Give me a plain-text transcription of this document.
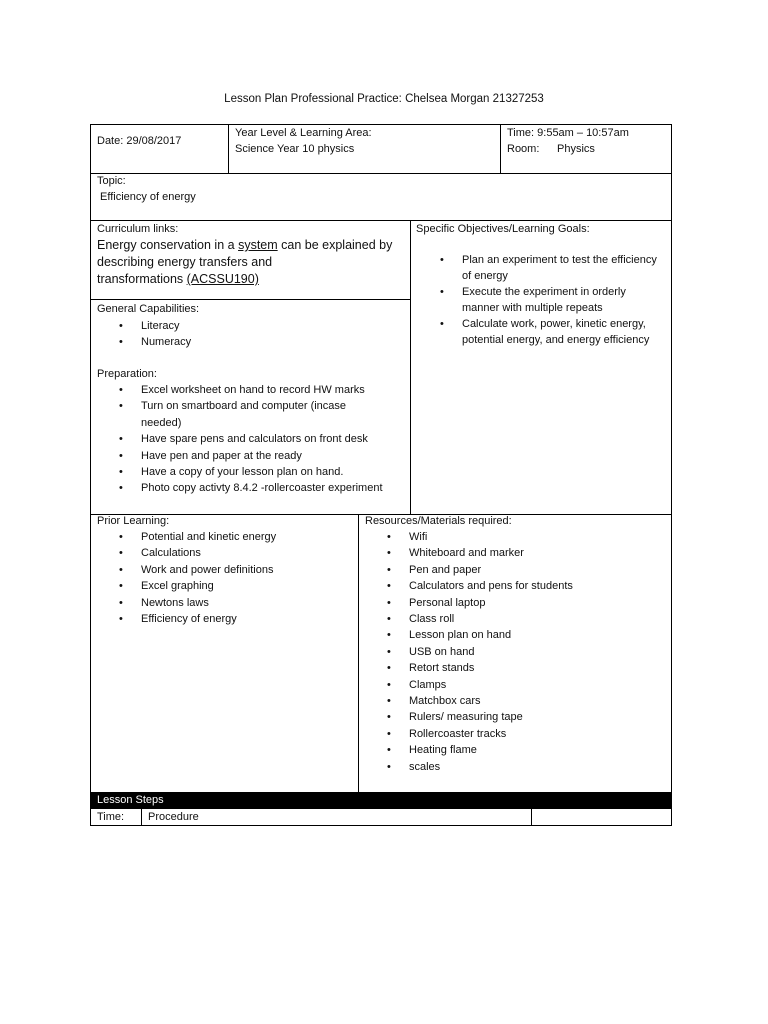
Lesson Plan Professional Practice: Chelsea Morgan 21327253
Date: 29/08/2017
Year Level & Learning Area:
Science Year 10 physics
Time: 9:55am – 10:57am
Room: Physics
Topic:
Efficiency of energy
Curriculum links:
Energy conservation in a system can be explained by
describing energy transfers and
transformations (ACSSU190)
Specific Objectives/Learning Goals:
• Plan an experiment to test the efficiency of energy
• Execute the experiment in orderly manner with multiple repeats
• Calculate work, power, kinetic energy, potential energy, and energy efficiency
General Capabilities:
• Literacy
• Numeracy
Preparation:
• Excel worksheet on hand to record HW marks
• Turn on smartboard and computer (incase needed)
• Have spare pens and calculators on front desk
• Have pen and paper at the ready
• Have a copy of your lesson plan on hand.
• Photo copy activty 8.4.2 -rollercoaster experiment
Prior Learning:
• Potential and kinetic energy
• Calculations
• Work and power definitions
• Excel graphing
• Newtons laws
• Efficiency of energy
Resources/Materials required:
• Wifi
• Whiteboard and marker
• Pen and paper
• Calculators and pens for students
• Personal laptop
• Class roll
• Lesson plan on hand
• USB on hand
• Retort stands
• Clamps
• Matchbox cars
• Rulers/ measuring tape
• Rollercoaster tracks
• Heating flame
• scales
Lesson Steps
Time: Procedure
